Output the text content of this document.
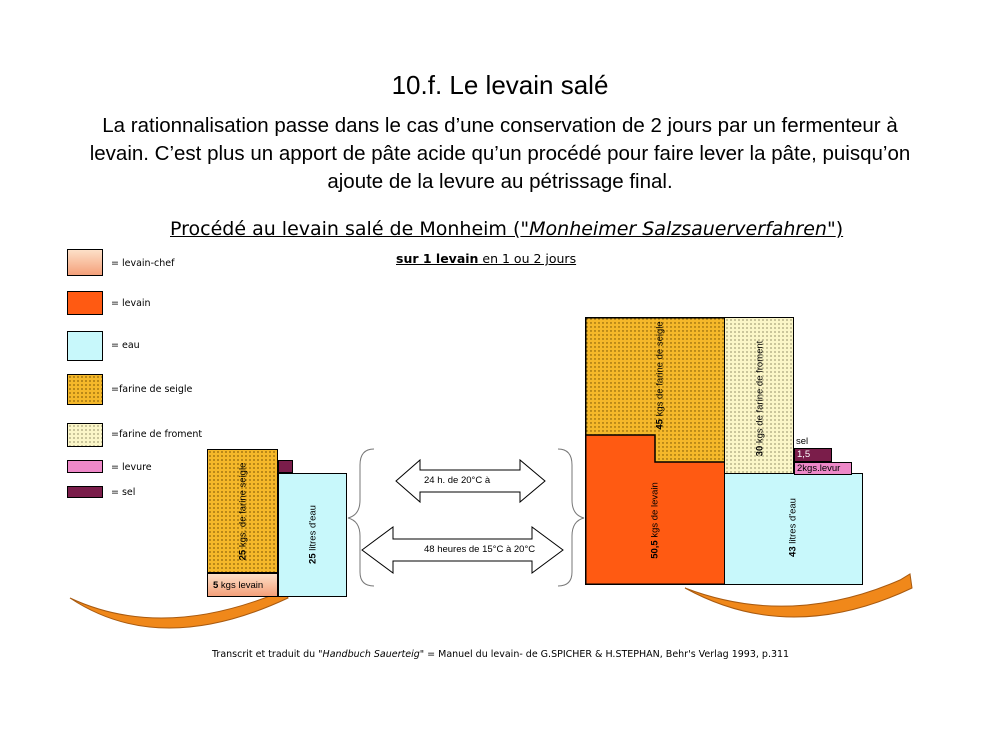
10.f. Le levain salé
La rationnalisation passe dans le cas d’une conservation de 2 jours par un fermenteur à levain. C’est plus un apport de pâte acide qu’un procédé pour faire lever la pâte, puisqu’on ajoute de la levure au pétrissage final.
Procédé au levain salé de Monheim ("Monheimer Salzsauerverfahren")
sur 1 levain en 1 ou 2 jours
= levain-chef
= levain
= eau
=farine de seigle
=farine de froment
= levure
= sel
24 h. de 20°C à
48 heures de 15°C à 20°C
25 kgs. de farine seigle
25 litres d'eau
5 kgs levain
45 kgs de farine de seigle
50,5 kgs de levain
30 kgs de farine de froment
43 litres d'eau
sel
1,5
2kgs.levur
Transcrit et traduit du "Handbuch Sauerteig" = Manuel du levain- de G.SPICHER & H.STEPHAN, Behr's Verlag 1993, p.311
